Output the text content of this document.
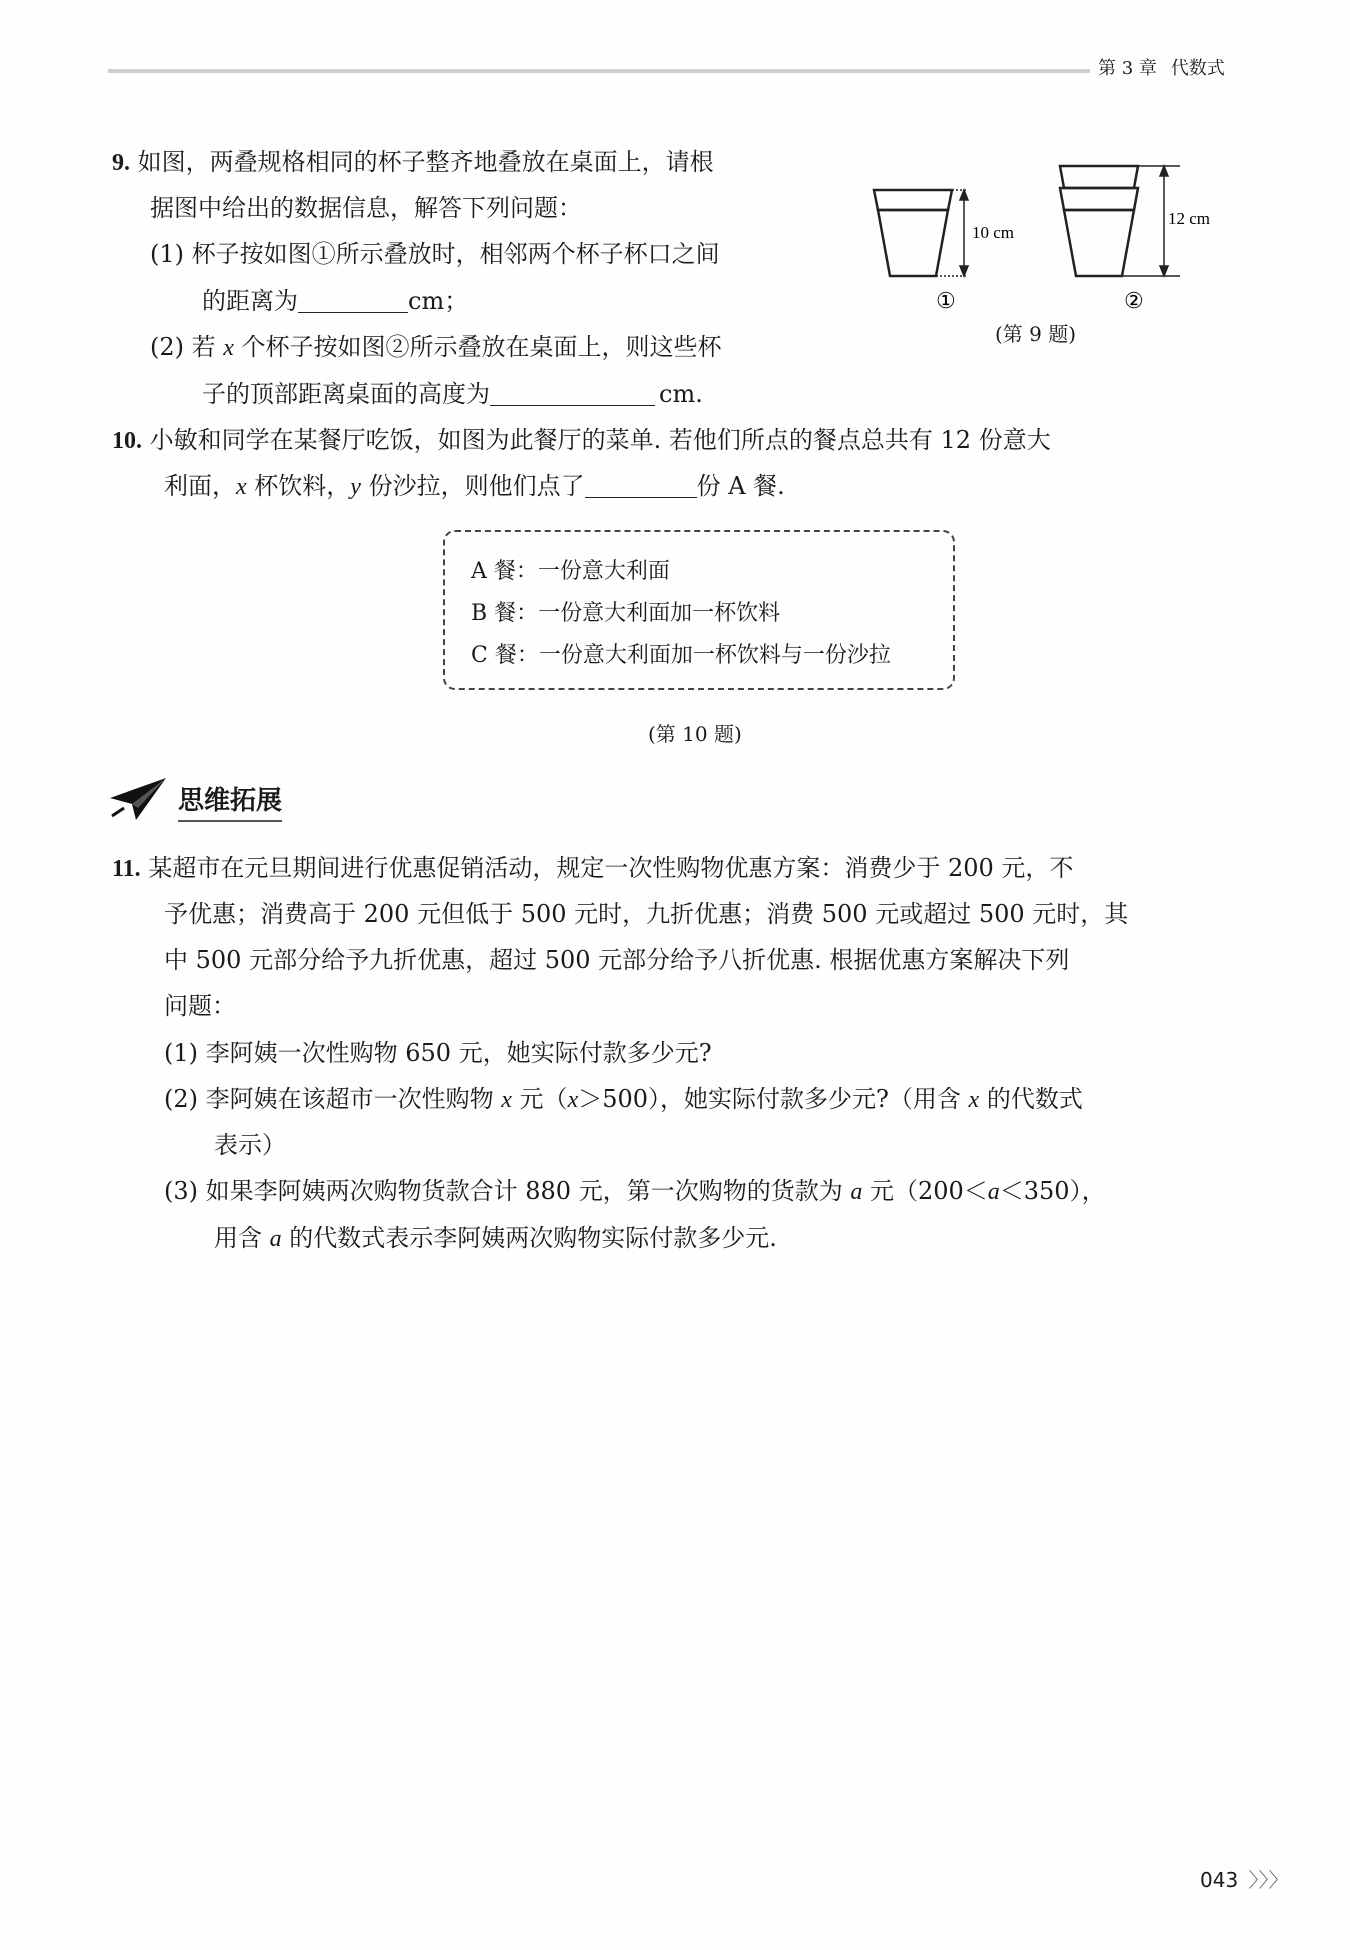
第 3 章 代数式
9. 如图，两叠规格相同的杯子整齐地叠放在桌面上，请根
据图中给出的数据信息，解答下列问题：
(1) 杯子按如图①所示叠放时，相邻两个杯子杯口之间
的距离为	cm；
(2) 若 x 个杯子按如图②所示叠放在桌面上，则这些杯
子的顶部距离桌面的高度为	cm.
10 cm
12 cm
①	②
(第 9 题)
10. 小敏和同学在某餐厅吃饭，如图为此餐厅的菜单. 若他们所点的餐点总共有 12 份意大
利面，x 杯饮料，y 份沙拉，则他们点了	份 A 餐.
A 餐：一份意大利面
B 餐：一份意大利面加一杯饮料
C 餐：一份意大利面加一杯饮料与一份沙拉
(第 10 题)
思维拓展
11. 某超市在元旦期间进行优惠促销活动，规定一次性购物优惠方案：消费少于 200 元，不
予优惠；消费高于 200 元但低于 500 元时，九折优惠；消费 500 元或超过 500 元时，其
中 500 元部分给予九折优惠，超过 500 元部分给予八折优惠. 根据优惠方案解决下列
问题：
(1) 李阿姨一次性购物 650 元，她实际付款多少元?
(2) 李阿姨在该超市一次性购物 x 元（x＞500），她实际付款多少元?（用含 x 的代数式
表示）
(3) 如果李阿姨两次购物货款合计 880 元，第一次购物的货款为 a 元（200＜a＜350），
用含 a 的代数式表示李阿姨两次购物实际付款多少元.
043 〉〉〉
